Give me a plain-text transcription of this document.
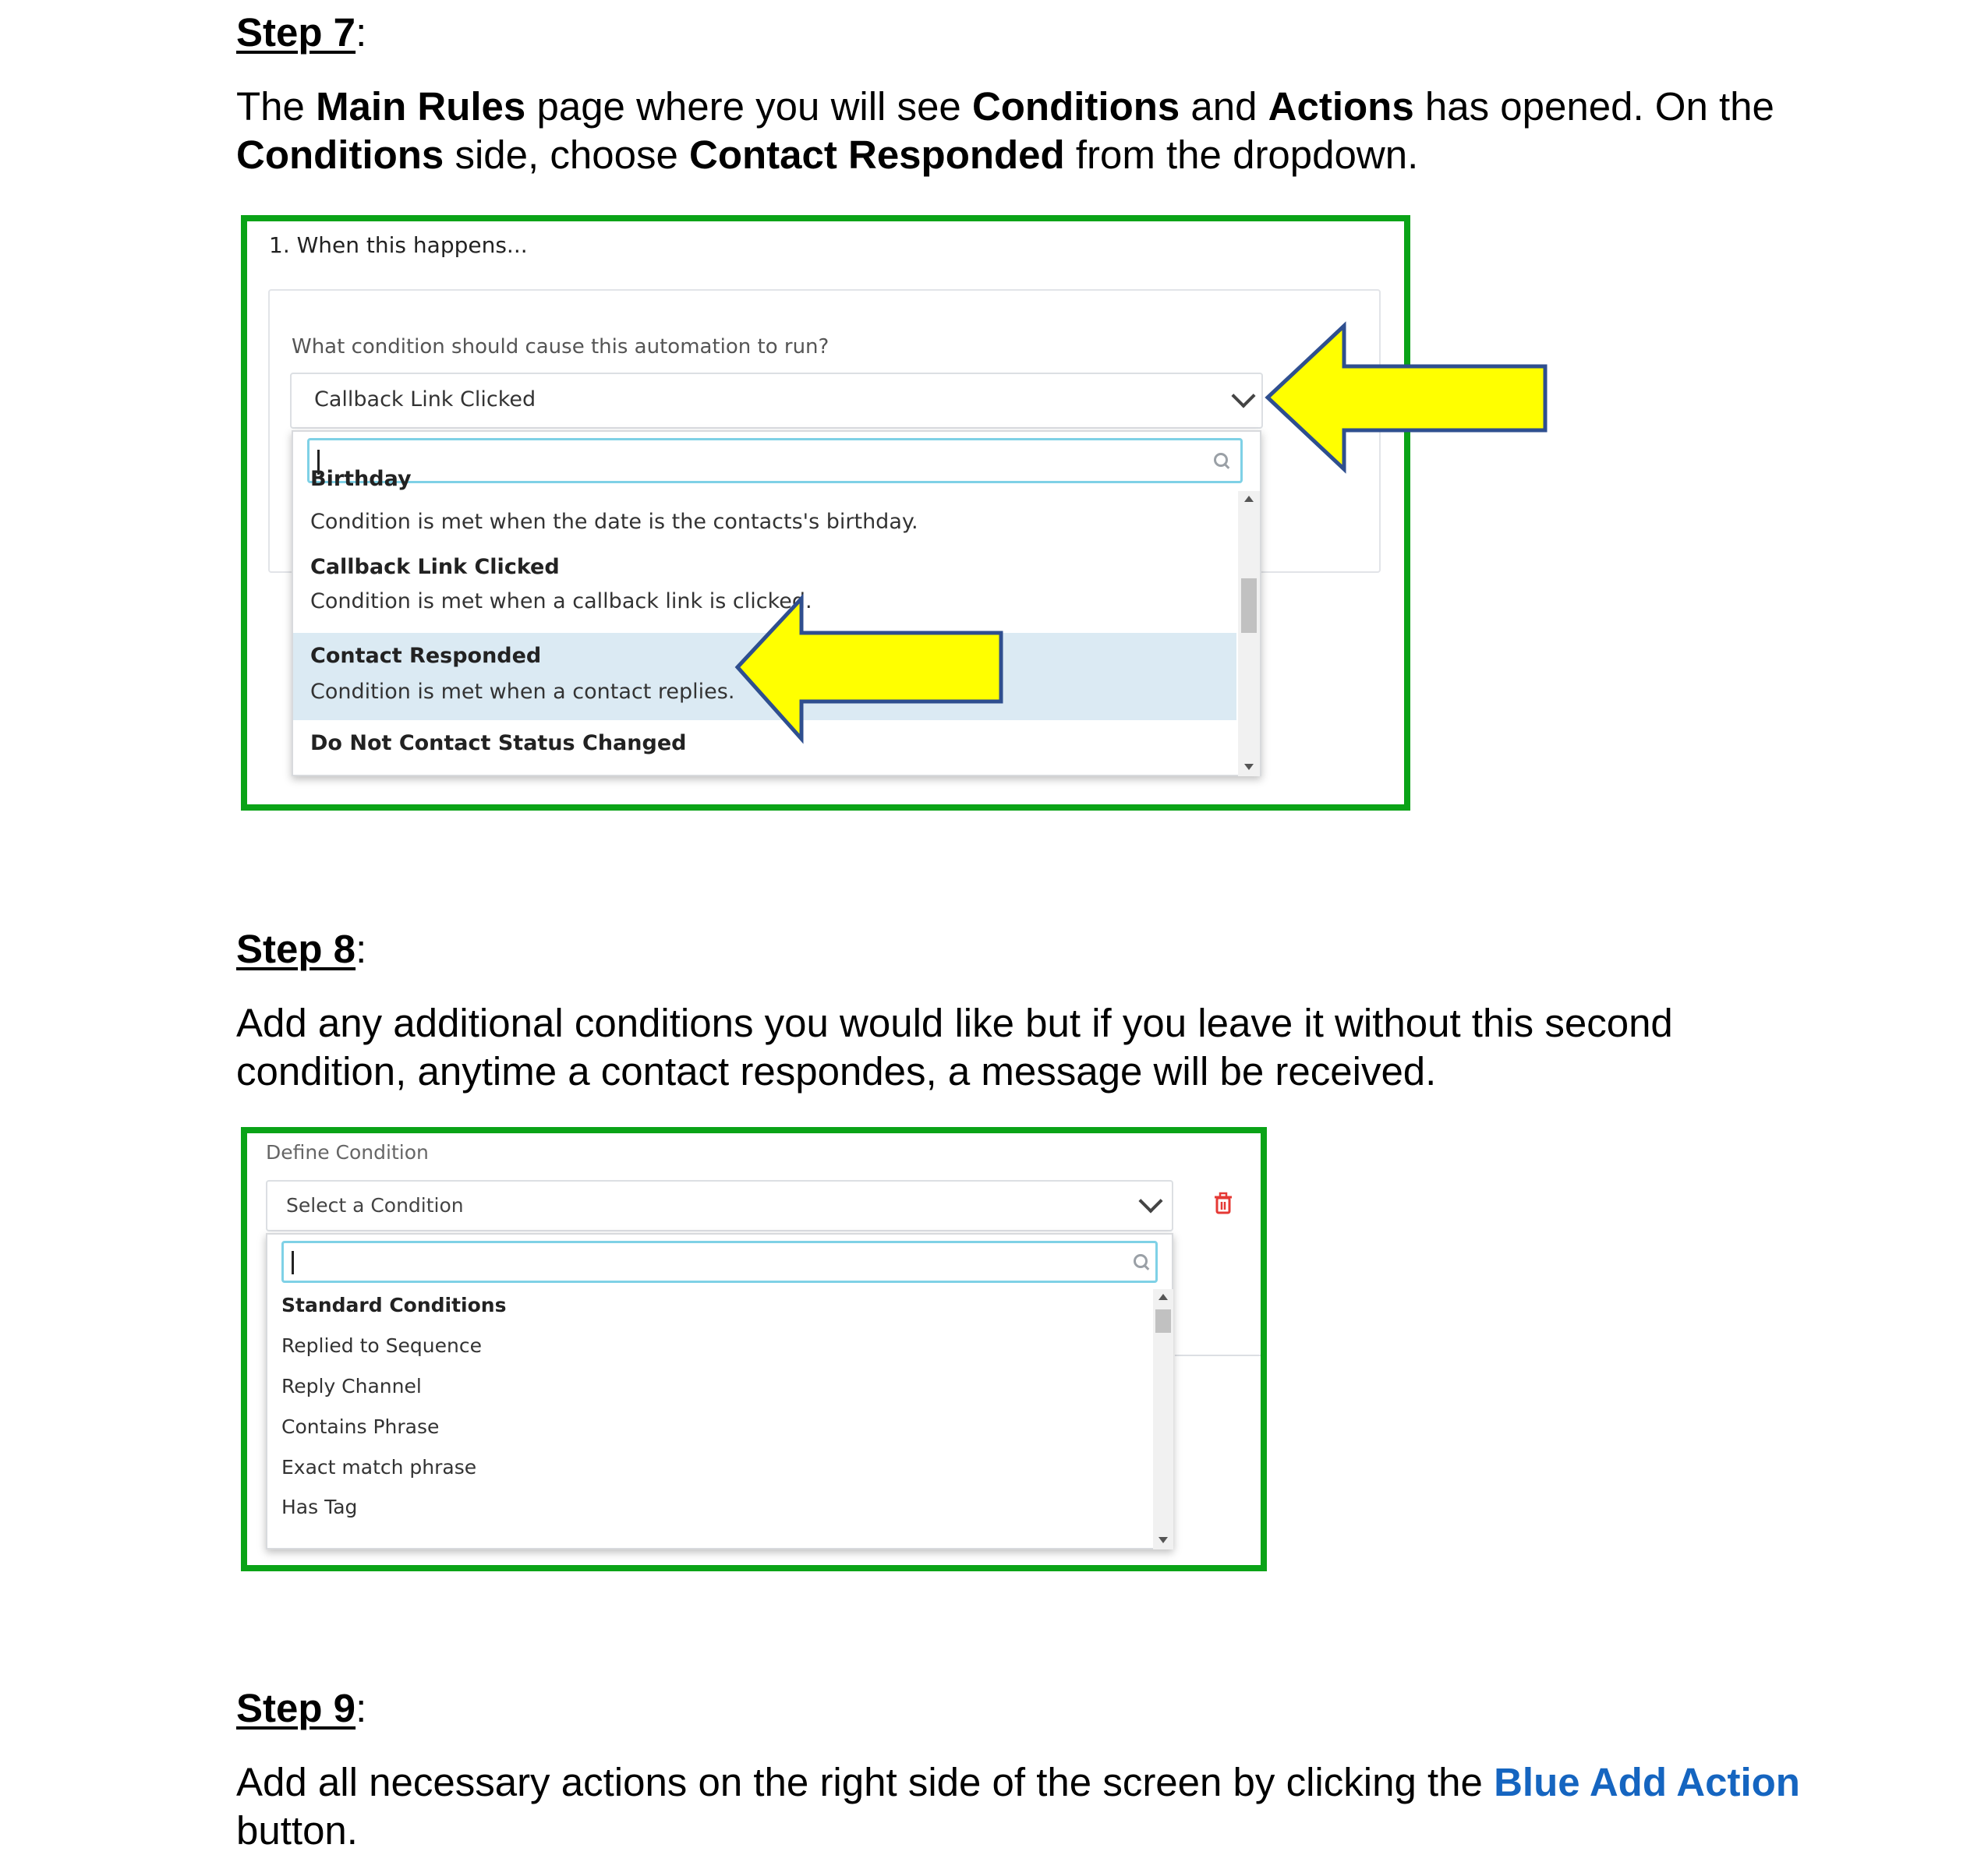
Step 7:
The Main Rules page where you will see Conditions and Actions has opened. On the Conditions side, choose Contact Responded from the dropdown.
1. When this happens...
What condition should cause this automation to run?
Callback Link Clicked
Birthday
Condition is met when the date is the contacts's birthday.
Callback Link Clicked
Condition is met when a callback link is clicked.
Contact Responded
Condition is met when a contact replies.
Do Not Contact Status Changed
Step 8:
Add any additional conditions you would like but if you leave it without this second condition, anytime a contact respondes, a message will be received.
Define Condition
Select a Condition
Standard Conditions
Replied to Sequence
Reply Channel
Contains Phrase
Exact match phrase
Has Tag
Step 9:
Add all necessary actions on the right side of the screen by clicking the Blue Add Action button.
